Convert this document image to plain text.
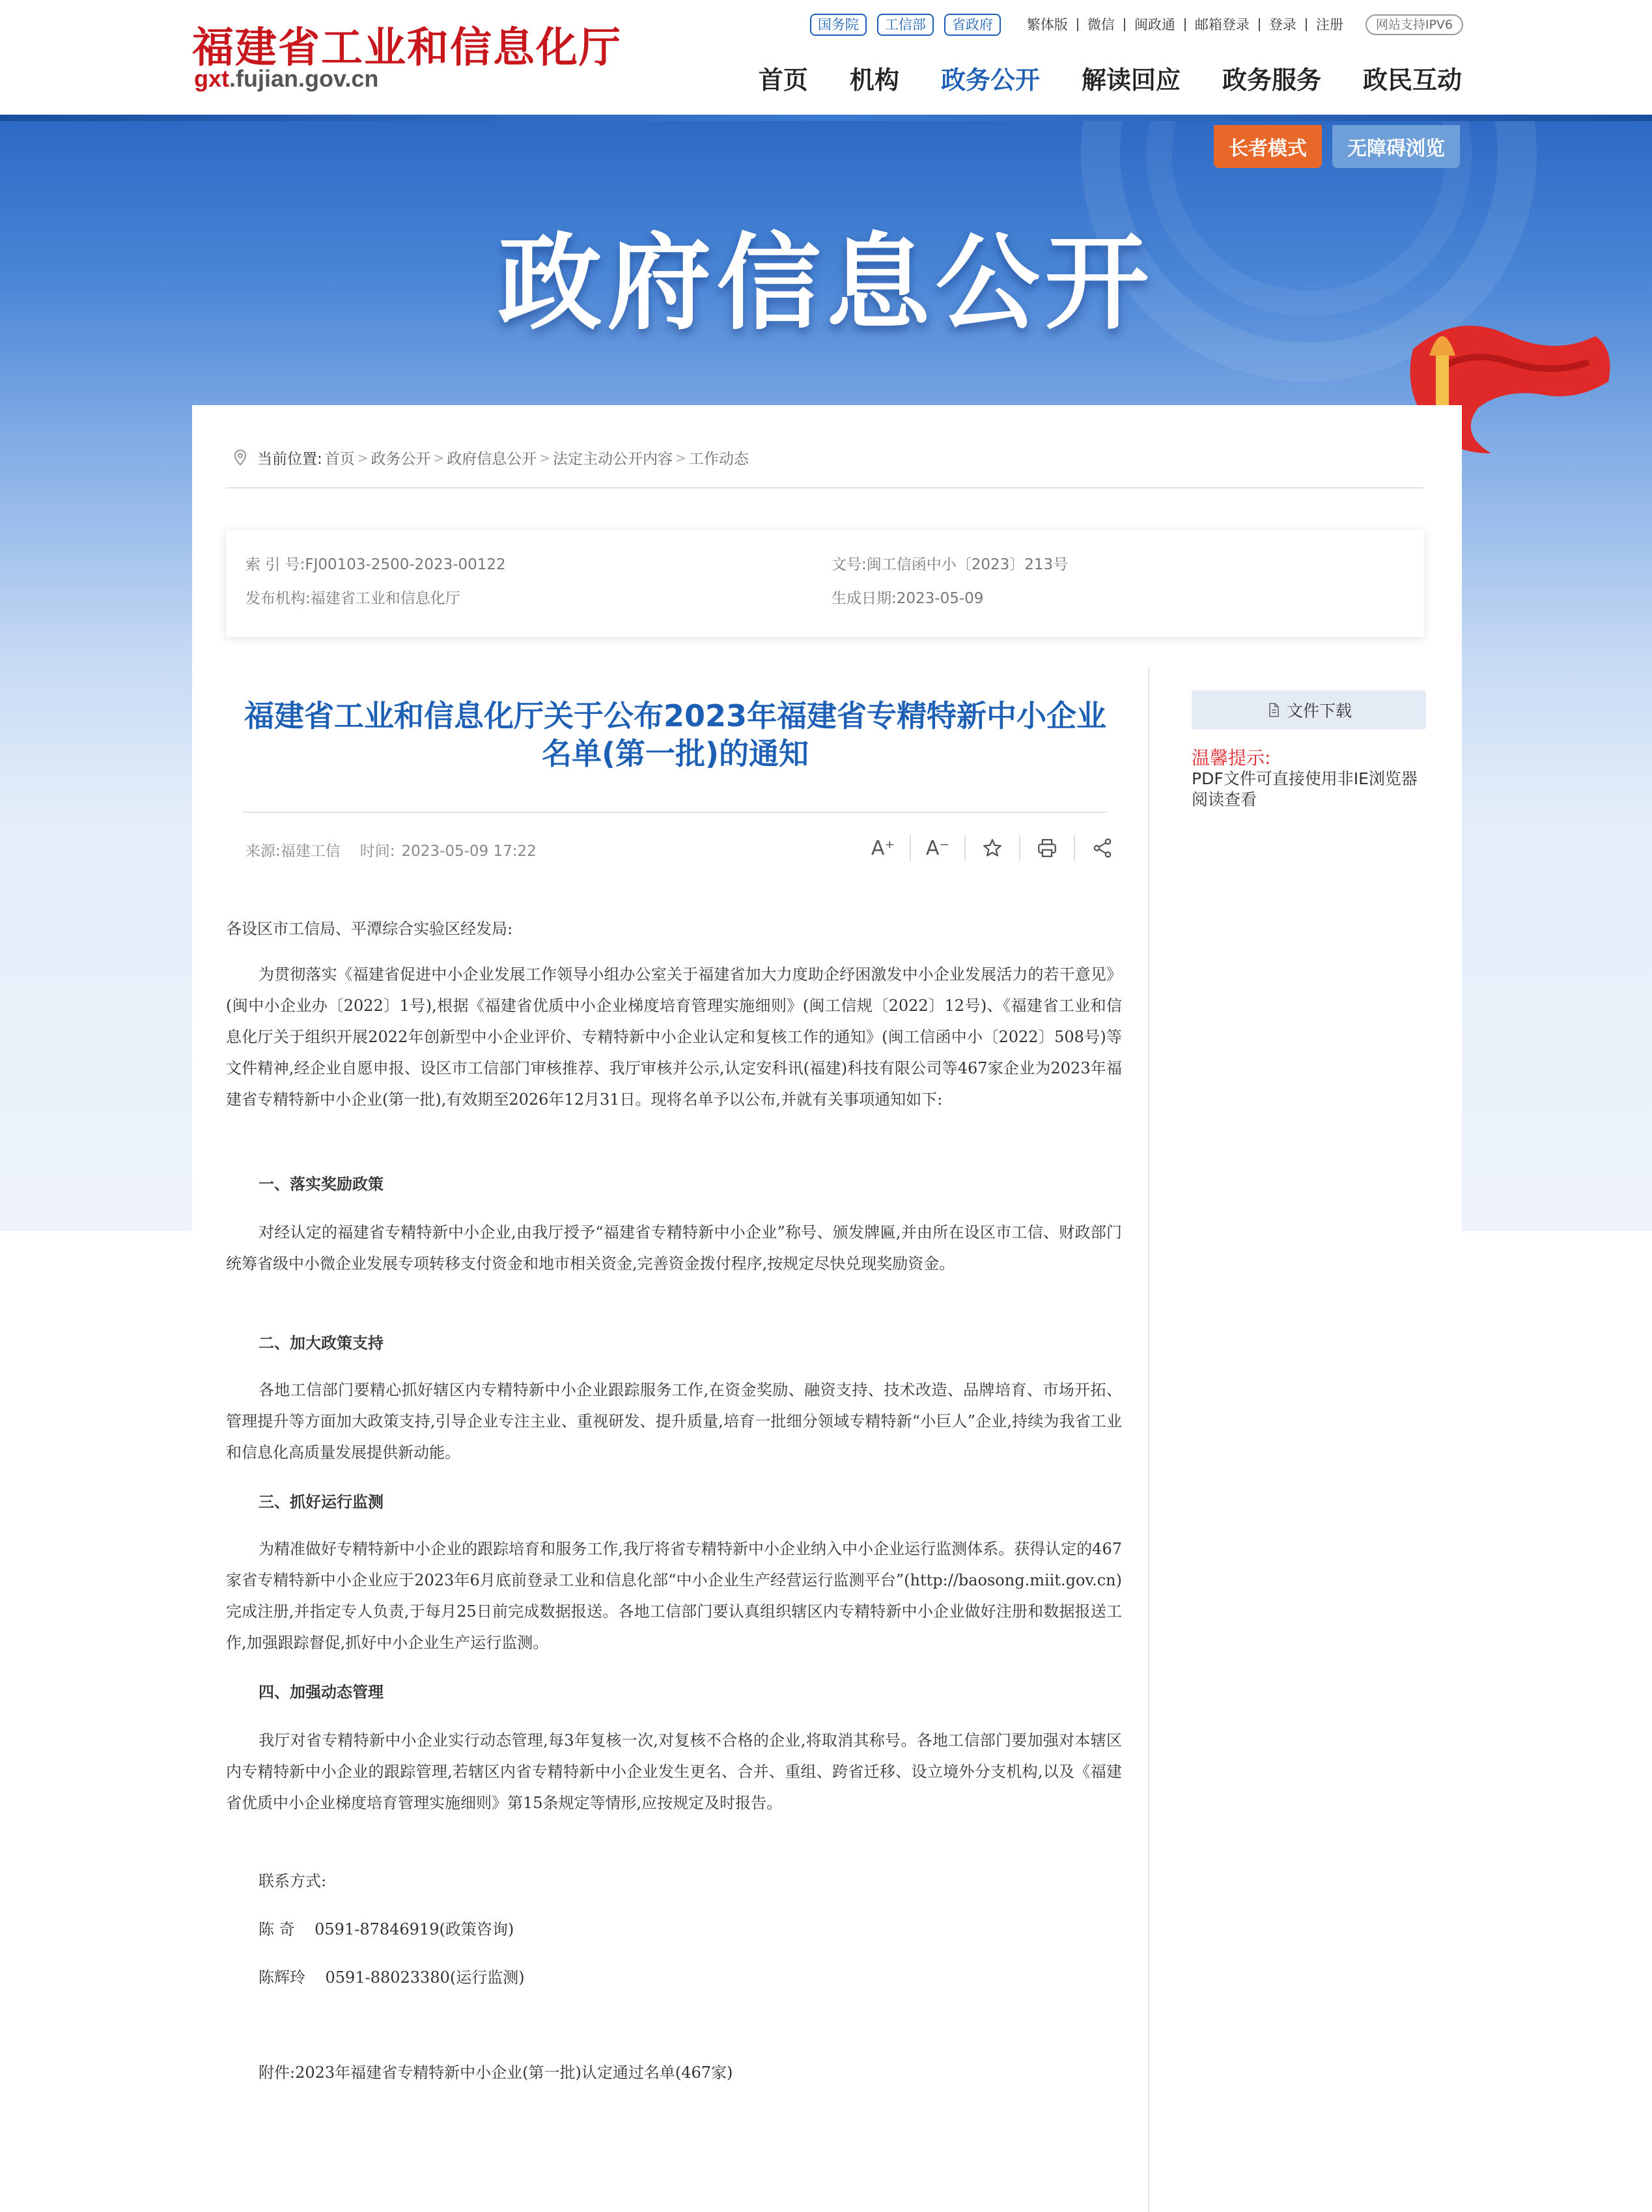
福建省工业和信息化厅
gxt.fujian.gov.cn
国务院	工信部	省政府	繁体版	微信	闽政通	邮箱登录	登录	注册	网站支持IPV6
首页 机构 政务公开 解读回应 政务服务 政民互动
长者模式	无障碍浏览
政府信息公开
当前位置: 首页 > 政务公开 > 政府信息公开 > 法定主动公开内容 > 工作动态
索 引 号:FJ00103-2500-2023-00122	文号:闽工信函中小〔2023〕213号
发布机构:福建省工业和信息化厅	生成日期:2023-05-09
福建省工业和信息化厅关于公布2023年福建省专精特新中小企业
名单(第一批)的通知
来源:福建工信 时间: 2023-05-09 17:22	A⁺ A⁻

各设区市工信局、平潭综合实验区经发局:

为贯彻落实《福建省促进中小企业发展工作领导小组办公室关于福建省加大力度助企纾困激发中小企业发展活力的若干意见》(闽中小企业办〔2022〕1号),根据《福建省优质中小企业梯度培育管理实施细则》(闽工信规〔2022〕12号)、《福建省工业和信息化厅关于组织开展2022年创新型中小企业评价、专精特新中小企业认定和复核工作的通知》(闽工信函中小〔2022〕508号)等文件精神,经企业自愿申报、设区市工信部门审核推荐、我厅审核并公示,认定安科讯(福建)科技有限公司等467家企业为2023年福建省专精特新中小企业(第一批),有效期至2026年12月31日。现将名单予以公布,并就有关事项通知如下:

一、落实奖励政策

对经认定的福建省专精特新中小企业,由我厅授予“福建省专精特新中小企业”称号、颁发牌匾,并由所在设区市工信、财政部门统筹省级中小微企业发展专项转移支付资金和地市相关资金,完善资金拨付程序,按规定尽快兑现奖励资金。

二、加大政策支持

各地工信部门要精心抓好辖区内专精特新中小企业跟踪服务工作,在资金奖励、融资支持、技术改造、品牌培育、市场开拓、管理提升等方面加大政策支持,引导企业专注主业、重视研发、提升质量,培育一批细分领域专精特新“小巨人”企业,持续为我省工业和信息化高质量发展提供新动能。

三、抓好运行监测

为精准做好专精特新中小企业的跟踪培育和服务工作,我厅将省专精特新中小企业纳入中小企业运行监测体系。获得认定的467家省专精特新中小企业应于2023年6月底前登录工业和信息化部“中小企业生产经营运行监测平台”(http://baosong.miit.gov.cn)完成注册,并指定专人负责,于每月25日前完成数据报送。各地工信部门要认真组织辖区内专精特新中小企业做好注册和数据报送工作,加强跟踪督促,抓好中小企业生产运行监测。

四、加强动态管理

我厅对省专精特新中小企业实行动态管理,每3年复核一次,对复核不合格的企业,将取消其称号。各地工信部门要加强对本辖区内专精特新中小企业的跟踪管理,若辖区内省专精特新中小企业发生更名、合并、重组、跨省迁移、设立境外分支机构,以及《福建省优质中小企业梯度培育管理实施细则》第15条规定等情形,应按规定及时报告。

联系方式:

陈 奇    0591-87846919(政策咨询)

陈辉玲    0591-88023380(运行监测)

附件:2023年福建省专精特新中小企业(第一批)认定通过名单(467家)

文件下载
温馨提示:
PDF文件可直接使用非IE浏览器阅读查看
